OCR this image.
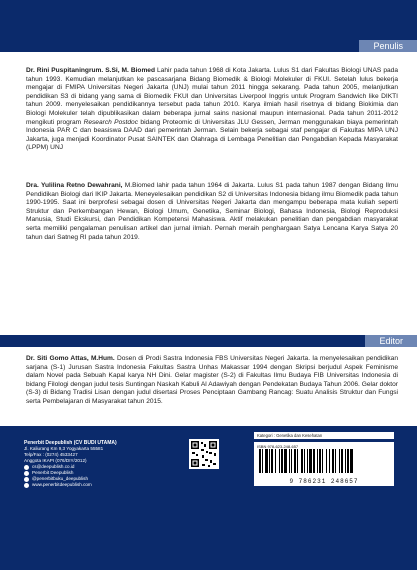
Penulis
Dr. Rini Puspitaningrum. S.Si, M. Biomed Lahir pada tahun 1968 di Kota Jakarta. Lulus S1 dari Fakultas Biologi UNAS pada tahun 1993. Kemudian melanjutkan ke pascasarjana Bidang Biomedik & Biologi Molekuler di FKUI. Setelah lulus bekerja mengajar di FMIPA Universitas Negeri Jakarta (UNJ) mulai tahun 2011 hingga sekarang. Pada tahun 2005, melanjutkan pendidikan S3 di bidang yang sama di Biomedik FKUI dan Universitas Liverpool Inggris untuk Program Sandwich like DIKTI tahun 2009. menyelesaikan pendidikannya tersebut pada tahun 2010. Karya ilmiah hasil risetnya di bidang Biokimia dan Biologi Molekuler telah dipublikasikan dalam beberapa jurnal sains nasional maupun internasional. Pada tahun 2011-2012 mengikuti program Research Postdoc bidang Proteomic di Universitas JLU Gessen, Jerman menggunakan biaya pemerintah Indonesia PAR C dan beasiswa DAAD dari pemerintah Jerman. Selain bekerja sebagai staf pengajar di Fakultas MIPA UNJ Jakarta, juga menjadi Koordinator Pusat SAINTEK dan Olahraga di Lembaga Penelitian dan Pengabdian Kepada Masyarakat (LPPM) UNJ
Dra. Yulilina Retno Dewahrani, M.Biomed lahir pada tahun 1964 di Jakarta. Lulus S1 pada tahun 1987 dengan Bidang Ilmu Pendidikan Biologi dari IKIP Jakarta. Meneyelesaikan pendidikan S2 di Universitas Indonesia bidang ilmu Biomedik pada tahun 1990-1995. Saat ini berprofesi sebagai dosen di Universitas Negeri Jakarta dan mengampu beberapa mata kuliah seperti Struktur dan Perkembangan Hewan, Biologi Umum, Genetika, Seminar Biologi, Bahasa Indonesia, Biologi Reproduksi Manusia, Studi Ekskursi, dan Pendidikan Kompetensi Mahasiswa. Aktif melakukan penelitian dan pengabdian masyarakat serta memiliki pengalaman penulisan artikel dan jurnal ilmiah. Pernah meraih penghargaan Satya Lencana Karya Satya 20 tahun dari Satneg RI pada tahun 2019.
Editor
Dr. Siti Gomo Attas, M.Hum. Dosen di Prodi Sastra Indonesia FBS Universitas Negeri Jakarta. Ia menyelesaikan pendidikan sarjana (S-1) Jurusan Sastra Indonesia Fakultas Sastra Unhas Makassar 1994 dengan Skripsi berjudul Aspek Feminisme dalam Novel pada Sebuah Kapal karya NH Dini. Gelar magister (S-2) di Fakultas Ilmu Budaya FIB Universitas Indonesia di bidang Filologi dengan judul tesis Suntingan Naskah Kabuli Al Adawiyah dengan Pendekatan Budaya Tahun 2006. Gelar doktor (S-3) di Bidang Tradisi Lisan dengan judul disertasi Proses Penciptaan Gambang Rancag: Suatu Analisis Struktur dan Fungsi serta Pembelajaran di Masyarakat tahun 2015.
Penerbit Deepublish (CV BUDI UTAMA)
Jl. Kaliurang Km 9,3 Yogyakarta 55581
Telp/Fax : (0274) 4533427
Anggota IKAPI (076/DIY/2012)
cs@deepublish.co.id
Penerbit Deepublish
@penerbitbuku_deepublish
www.penerbitdeepublish.com
Kategori : Genetika dan Kesehatan
ISBN 978-623-248-657
9 786231 248657
